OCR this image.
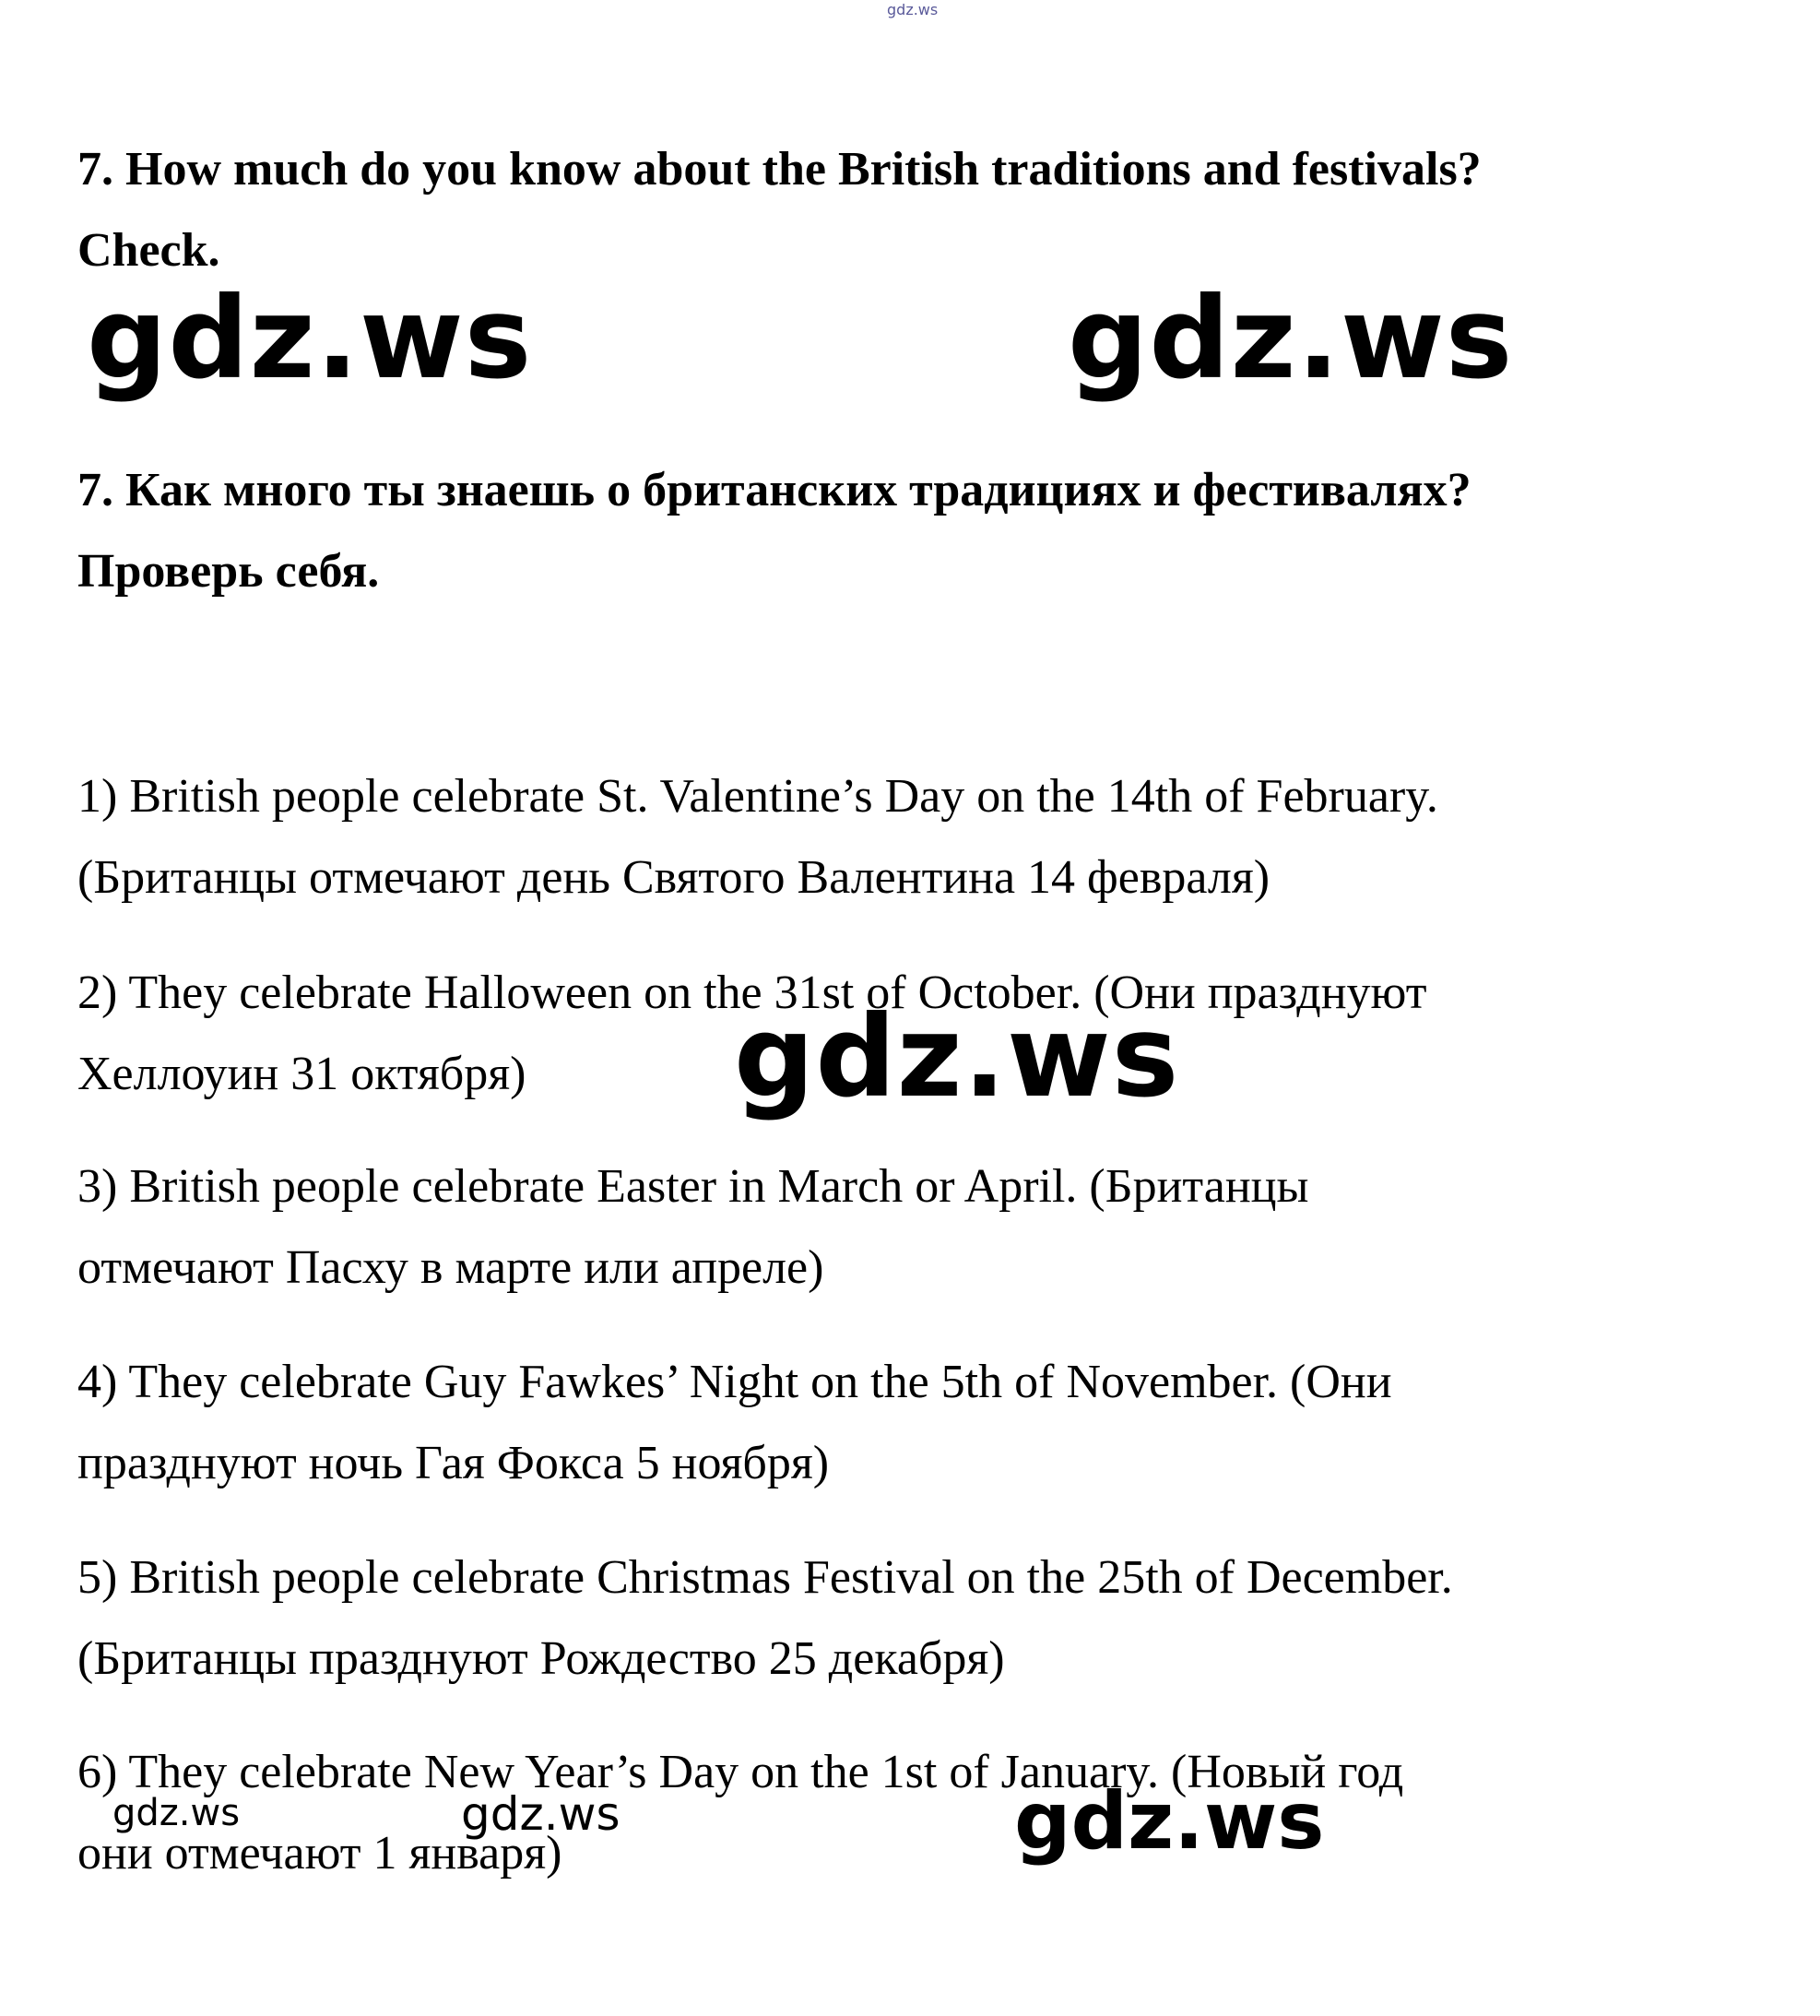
gdz.ws
7. How much do you know about the British traditions and festivals?
Check.
gdz.ws	gdz.ws
7. Как много ты знаешь о британских традициях и фестивалях?
Проверь себя.
1) British people celebrate St. Valentine’s Day on the 14th of February.
(Британцы отмечают день Святого Валентина 14 февраля)
2) They celebrate Halloween on the 31st of October. (Они празднуют
Хеллоуин 31 октября)	gdz.ws
3) British people celebrate Easter in March or April. (Британцы
отмечают Пасху в марте или апреле)
4) They celebrate Guy Fawkes’ Night on the 5th of November. (Они
празднуют ночь Гая Фокса 5 ноября)
5) British people celebrate Christmas Festival on the 25th of December.
(Британцы празднуют Рождество 25 декабря)
6) They celebrate New Year’s Day on the 1st of January. (Новый год
они отмечают 1 января)
gdz.ws	gdz.ws	gdz.ws
